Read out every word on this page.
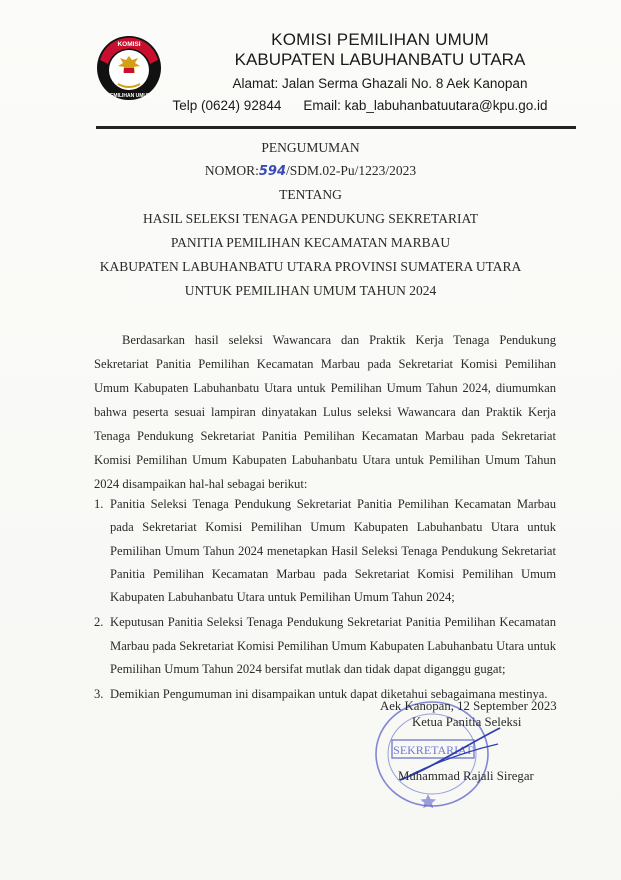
KOMISI
PEMILIHAN UMUM
KOMISI PEMILIHAN UMUM
KABUPATEN LABUHANBATU UTARA
Alamat: Jalan Serma Ghazali No. 8 Aek Kanopan
Telp (0624) 92844 Email: kab_labuhanbatuutara@kpu.go.id
PENGUMUMAN
NOMOR:594/SDM.02-Pu/1223/2023
TENTANG
HASIL SELEKSI TENAGA PENDUKUNG SEKRETARIAT
PANITIA PEMILIHAN KECAMATAN MARBAU
KABUPATEN LABUHANBATU UTARA PROVINSI SUMATERA UTARA
UNTUK PEMILIHAN UMUM TAHUN 2024
Berdasarkan hasil seleksi Wawancara dan Praktik Kerja Tenaga Pendukung Sekretariat Panitia Pemilihan Kecamatan Marbau pada Sekretariat Komisi Pemilihan Umum Kabupaten Labuhanbatu Utara untuk Pemilihan Umum Tahun 2024, diumumkan bahwa peserta sesuai lampiran dinyatakan Lulus seleksi Wawancara dan Praktik Kerja Tenaga Pendukung Sekretariat Panitia Pemilihan Kecamatan Marbau pada Sekretariat Komisi Pemilihan Umum Kabupaten Labuhanbatu Utara untuk Pemilihan Umum Tahun 2024 disampaikan hal-hal sebagai berikut:
1. Panitia Seleksi Tenaga Pendukung Sekretariat Panitia Pemilihan Kecamatan Marbau pada Sekretariat Komisi Pemilihan Umum Kabupaten Labuhanbatu Utara untuk Pemilihan Umum Tahun 2024 menetapkan Hasil Seleksi Tenaga Pendukung Sekretariat Panitia Pemilihan Kecamatan Marbau pada Sekretariat Komisi Pemilihan Umum Kabupaten Labuhanbatu Utara untuk Pemilihan Umum Tahun 2024;
2. Keputusan Panitia Seleksi Tenaga Pendukung Sekretariat Panitia Pemilihan Kecamatan Marbau pada Sekretariat Komisi Pemilihan Umum Kabupaten Labuhanbatu Utara untuk Pemilihan Umum Tahun 2024 bersifat mutlak dan tidak dapat diganggu gugat;
3. Demikian Pengumuman ini disampaikan untuk dapat diketahui sebagaimana mestinya.
SEKRETARIAT
Aek Kanopan, 12 September 2023
Ketua Panitia Seleksi
Muhammad Rajali Siregar
